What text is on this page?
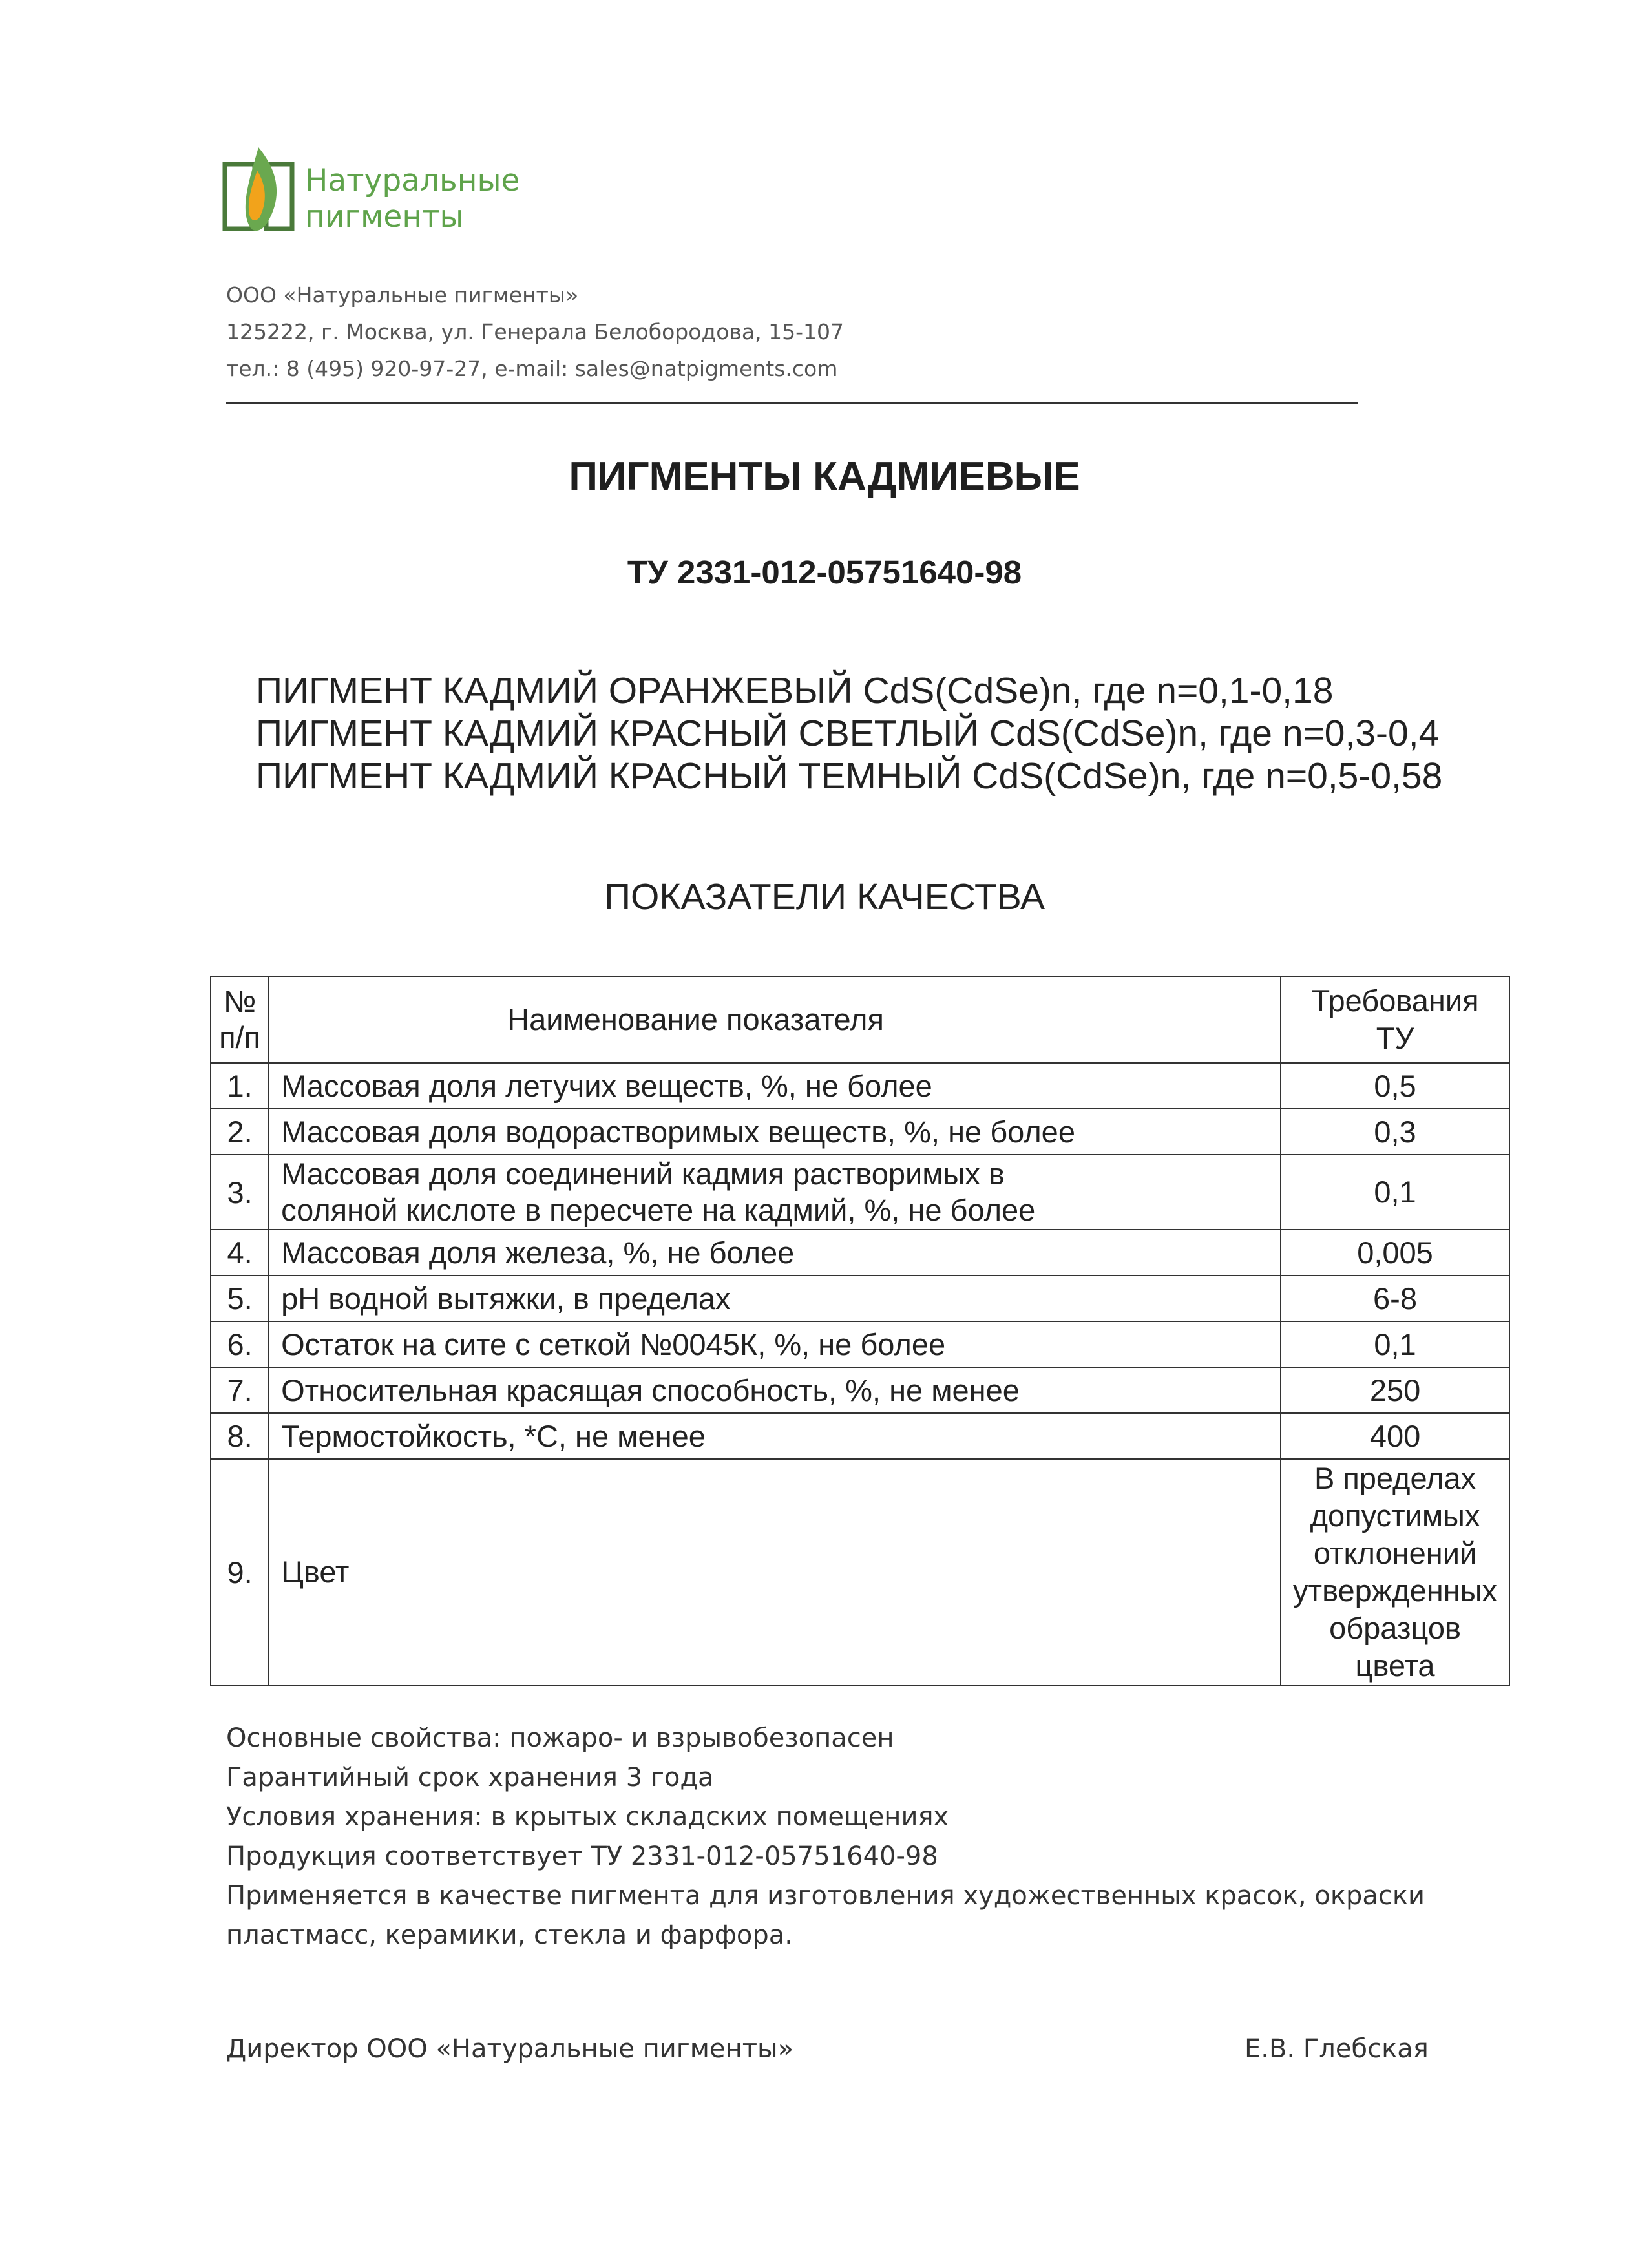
Натуральные
пигменты
ООО «Натуральные пигменты»
125222, г. Москва, ул. Генерала Белобородова, 15-107
тел.: 8 (495) 920-97-27, e-mail: sales@natpigments.com
ПИГМЕНТЫ КАДМИЕВЫЕ
ТУ 2331-012-05751640-98
ПИГМЕНТ КАДМИЙ ОРАНЖЕВЫЙ CdS(CdSe)n, где n=0,1-0,18
ПИГМЕНТ КАДМИЙ КРАСНЫЙ СВЕТЛЫЙ CdS(CdSe)n, где n=0,3-0,4
ПИГМЕНТ КАДМИЙ КРАСНЫЙ ТЕМНЫЙ CdS(CdSe)n, где n=0,5-0,58
ПОКАЗАТЕЛИ КАЧЕСТВА
№
п/п	Наименование показателя	Требования ТУ
1.	Массовая доля летучих веществ, %, не более	0,5
2.	Массовая доля водорастворимых веществ, %, не более	0,3
3.	Массовая доля соединений кадмия растворимых в
соляной кислоте в пересчете на кадмий, %, не более	0,1
4.	Массовая доля железа, %, не более	0,005
5.	pH водной вытяжки, в пределах	6-8
6.	Остаток на сите с сеткой №0045К, %, не более	0,1
7.	Относительная красящая способность, %, не менее	250
8.	Термостойкость, *С, не менее	400
9.	Цвет	В пределах
допустимых
отклонений
утвержденных
образцов цвета
Основные свойства: пожаро- и взрывобезопасен
Гарантийный срок хранения 3 года
Условия хранения: в крытых складских помещениях
Продукция соответствует ТУ 2331-012-05751640-98
Применяется в качестве пигмента для изготовления художественных красок, окраски
пластмасс, керамики, стекла и фарфора.
Директор ООО «Натуральные пигменты»	Е.В. Глебская
